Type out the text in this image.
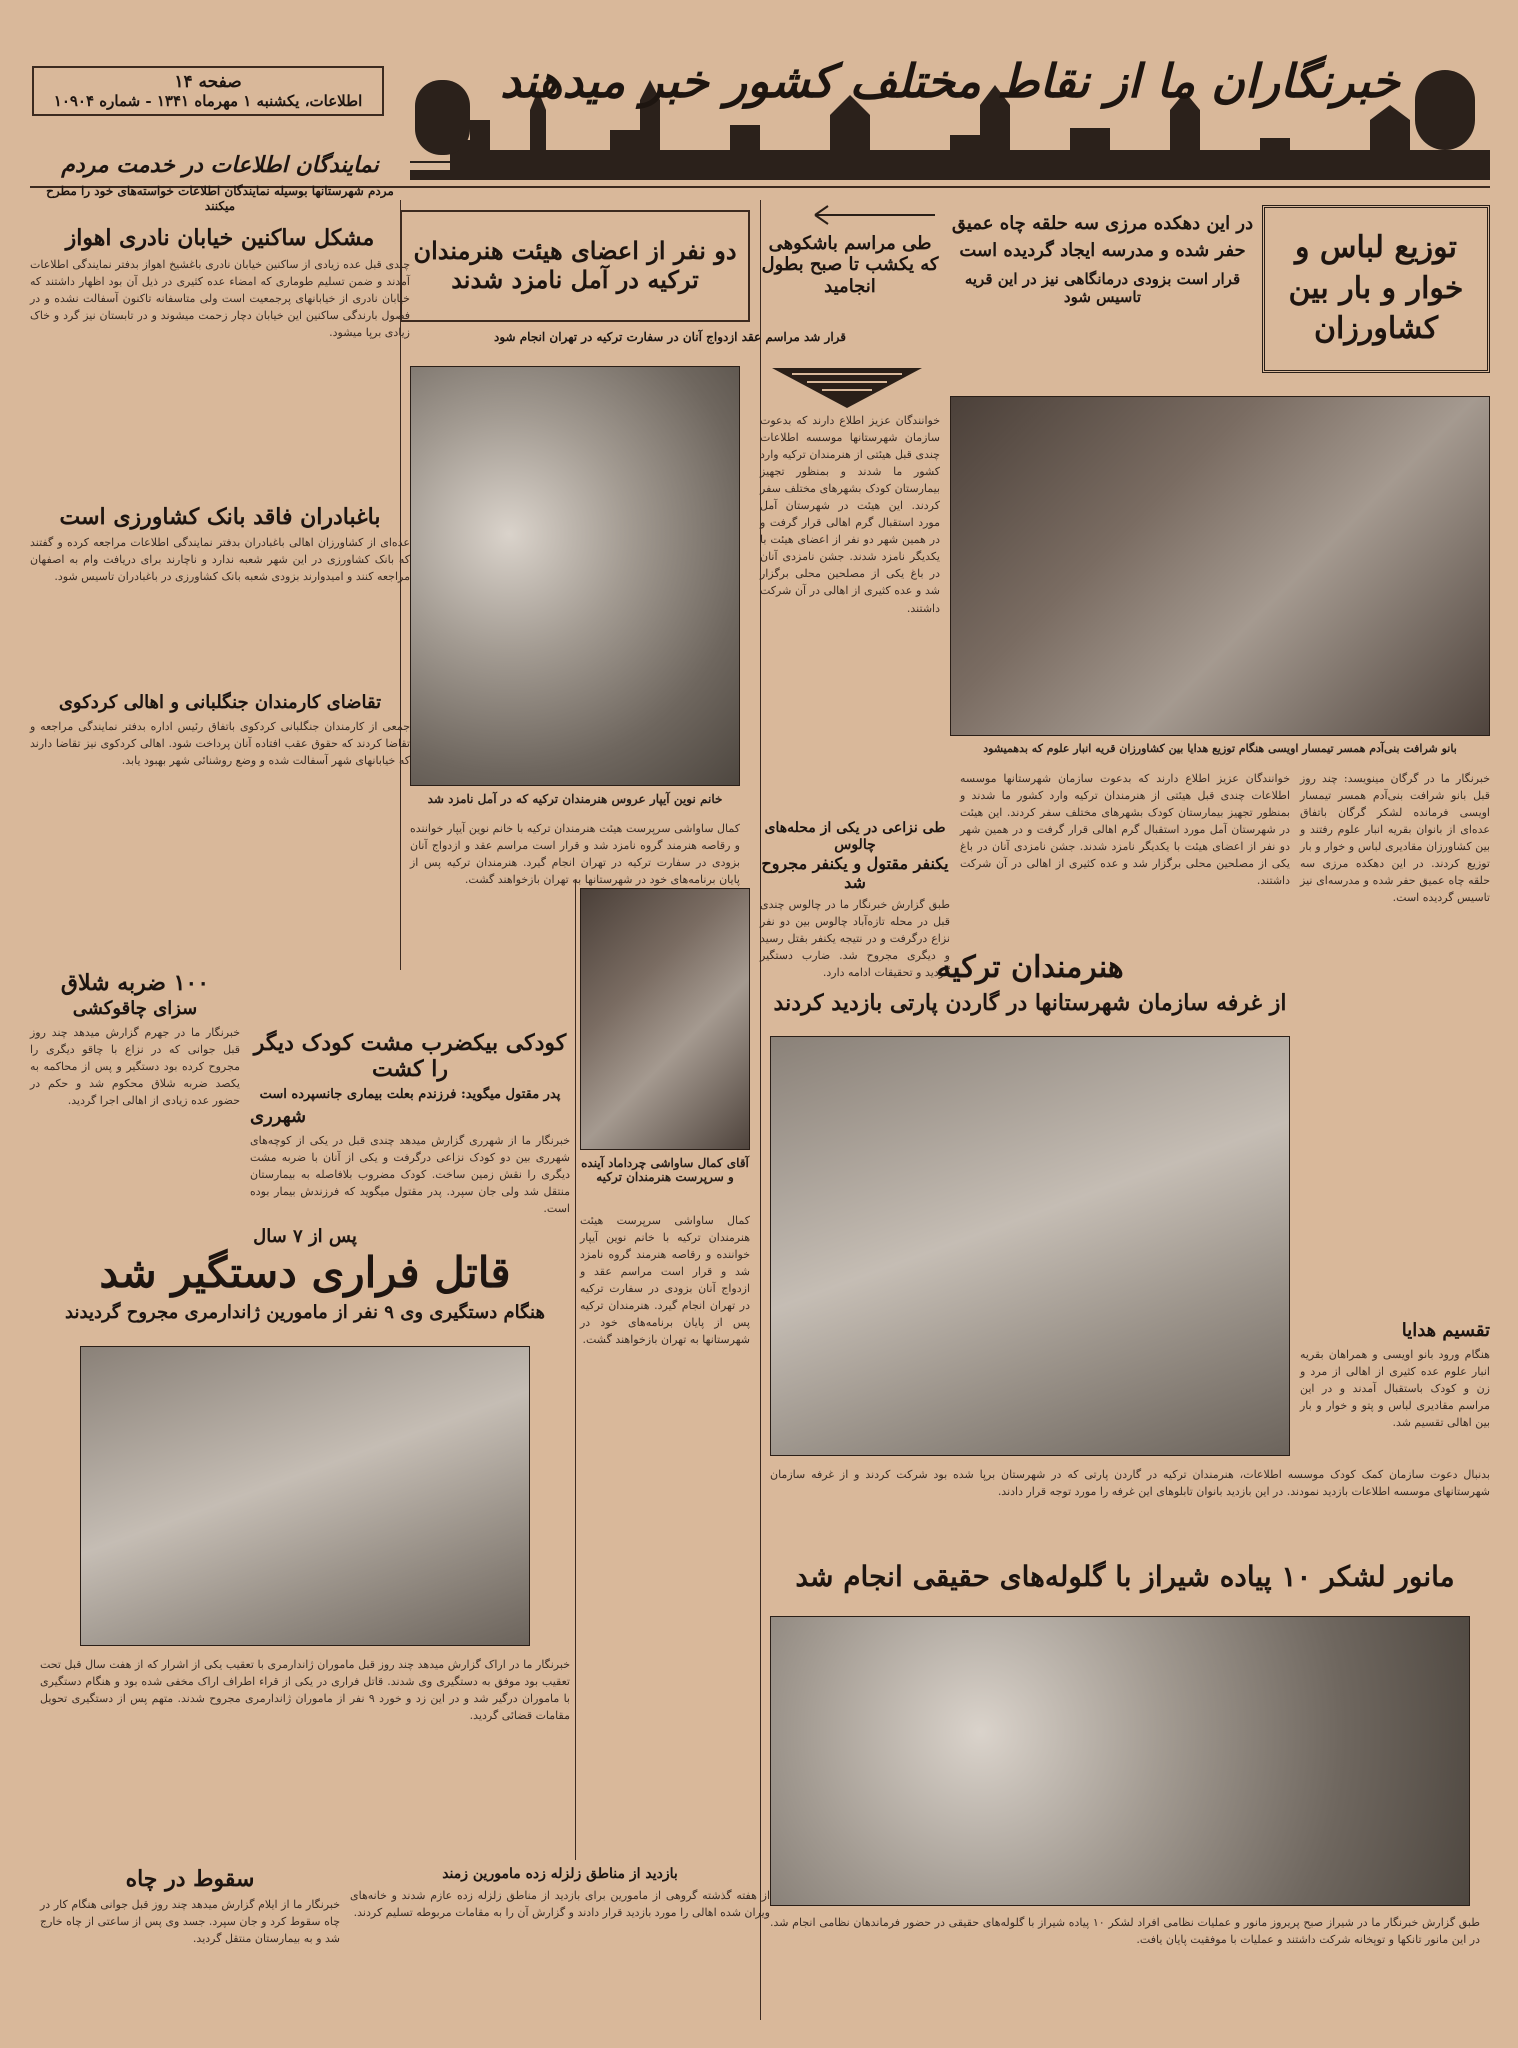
صفحه ۱۴
اطلاعات، یکشنبه ۱ مهرماه ۱۳۴۱ - شماره ۱۰۹۰۴	خبرنگاران ما از نقاط مختلف کشور خبر میدهند
نمایندگان اطلاعات در خدمت مردم
مردم شهرستانها بوسیله نمایندگان اطلاعات خواسته‌های خود را مطرح میکنند
مشکل ساکنین خیابان نادری اهواز
چندی قبل عده زیادی از ساکنین خیابان نادری باغشیخ اهواز بدفتر نمایندگی اطلاعات آمدند و ضمن تسلیم طوماری که امضاء عده کثیری در ذیل آن بود اظهار داشتند که خیابان نادری از خیابانهای پرجمعیت است ولی متاسفانه تاکنون آسفالت نشده و در فصول بارندگی ساکنین این خیابان دچار زحمت میشوند و در تابستان نیز گرد و خاک زیادی برپا میشود.
باغبادران فاقد بانک کشاورزی است
عده‌ای از کشاورزان اهالی باغبادران بدفتر نمایندگی اطلاعات مراجعه کرده و گفتند که بانک کشاورزی در این شهر شعبه ندارد و ناچارند برای دریافت وام به اصفهان مراجعه کنند و امیدوارند بزودی شعبه بانک کشاورزی در باغبادران تاسیس شود.
تقاضای کارمندان جنگلبانی و اهالی کردکوی
جمعی از کارمندان جنگلبانی کردکوی باتفاق رئیس اداره بدفتر نمایندگی مراجعه و تقاضا کردند که حقوق عقب افتاده آنان پرداخت شود. اهالی کردکوی نیز تقاضا دارند که خیابانهای شهر آسفالت شده و وضع روشنائی شهر بهبود یابد.
۱۰۰ ضربه شلاق
سزای چاقوکشی
خبرنگار ما در جهرم گزارش میدهد چند روز قبل جوانی که در نزاع با چاقو دیگری را مجروح کرده بود دستگیر و پس از محاکمه به یکصد ضربه شلاق محکوم شد و حکم در حضور عده زیادی از اهالی اجرا گردید.
کودکی بیکضرب مشت کودک دیگر را کشت
پدر مقتول میگوید: فرزندم بعلت بیماری جانسپرده است
شهرری
خبرنگار ما از شهرری گزارش میدهد چندی قبل در یکی از کوچه‌های شهرری بین دو کودک نزاعی درگرفت و یکی از آنان با ضربه مشت دیگری را نقش زمین ساخت. کودک مضروب بلافاصله به بیمارستان منتقل شد ولی جان سپرد. پدر مقتول میگوید که فرزندش بیمار بوده است.
پس از ۷ سال
قاتل فراری دستگیر شد
هنگام دستگیری وی ۹ نفر از مامورین ژاندارمری مجروح گردیدند
خبرنگار ما در اراک گزارش میدهد چند روز قبل ماموران ژاندارمری با تعقیب یکی از اشرار که از هفت سال قبل تحت تعقیب بود موفق به دستگیری وی شدند. قاتل فراری در یکی از قراء اطراف اراک مخفی شده بود و هنگام دستگیری با ماموران درگیر شد و در این زد و خورد ۹ نفر از ماموران ژاندارمری مجروح شدند. متهم پس از دستگیری تحویل مقامات قضائی گردید.
سقوط در چاه
خبرنگار ما از ایلام گزارش میدهد چند روز قبل جوانی هنگام کار در چاه سقوط کرد و جان سپرد. جسد وی پس از ساعتی از چاه خارج شد و به بیمارستان منتقل گردید.
بازدید از مناطق زلزله زده مامورین زمند
از هفته گذشته گروهی از مامورین برای بازدید از مناطق زلزله زده عازم شدند و خانه‌های ویران شده اهالی را مورد بازدید قرار دادند و گزارش آن را به مقامات مربوطه تسلیم کردند.
دو نفر از اعضای هیئت هنرمندان ترکیه در آمل نامزد شدند
طی مراسم باشکوهی که یکشب تا صبح بطول انجامید
قرار شد مراسم عقد ازدواج آنان در سفارت ترکیه در تهران انجام شود
خانم نوین آیپار عروس هنرمندان ترکیه که در آمل نامزد شد
خوانندگان عزیز اطلاع دارند که بدعوت سازمان شهرستانها موسسه اطلاعات چندی قبل هیئتی از هنرمندان ترکیه وارد کشور ما شدند و بمنظور تجهیز بیمارستان کودک بشهرهای مختلف سفر کردند. این هیئت در شهرستان آمل مورد استقبال گرم اهالی قرار گرفت و در همین شهر دو نفر از اعضای هیئت با یکدیگر نامزد شدند. جشن نامزدی آنان در باغ یکی از مصلحین محلی برگزار شد و عده کثیری از اهالی در آن شرکت داشتند.
کمال ساواشی سرپرست هیئت هنرمندان ترکیه با خانم نوین آیپار خواننده و رقاصه هنرمند گروه نامزد شد و قرار است مراسم عقد و ازدواج آنان بزودی در سفارت ترکیه در تهران انجام گیرد. هنرمندان ترکیه پس از پایان برنامه‌های خود در شهرستانها به تهران بازخواهند گشت.
طی نزاعی در یکی از محله‌های چالوس
یکنفر مقتول و یکنفر مجروح شد
طبق گزارش خبرنگار ما در چالوس چندی قبل در محله تازه‌آباد چالوس بین دو نفر نزاع درگرفت و در نتیجه یکنفر بقتل رسید و دیگری مجروح شد. ضارب دستگیر گردید و تحقیقات ادامه دارد.
آقای کمال ساواشی چرداماد آینده و سرپرست هنرمندان ترکیه
کمال ساواشی سرپرست هیئت هنرمندان ترکیه با خانم نوین آیپار خواننده و رقاصه هنرمند گروه نامزد شد و قرار است مراسم عقد و ازدواج آنان بزودی در سفارت ترکیه در تهران انجام گیرد. هنرمندان ترکیه پس از پایان برنامه‌های خود در شهرستانها به تهران بازخواهند گشت.
توزیع لباس و خوار و بار بین کشاورزان
در این دهکده مرزی سه حلقه چاه عمیق حفر شده و مدرسه ایجاد گردیده است
قرار است بزودی درمانگاهی نیز در این قریه تاسیس شود
بانو شرافت بنی‌آدم همسر تیمسار اویسی هنگام توزیع هدایا بین کشاورزان قریه انبار علوم که بدهمیشود
خبرنگار ما در گرگان مینویسد: چند روز قبل بانو شرافت بنی‌آدم همسر تیمسار اویسی فرمانده لشکر گرگان باتفاق عده‌ای از بانوان بقریه انبار علوم رفتند و بین کشاورزان مقادیری لباس و خوار و بار توزیع کردند. در این دهکده مرزی سه حلقه چاه عمیق حفر شده و مدرسه‌ای نیز تاسیس گردیده است.
تقسیم هدایا
هنگام ورود بانو اویسی و همراهان بقریه انبار علوم عده کثیری از اهالی از مرد و زن و کودک باستقبال آمدند و در این مراسم مقادیری لباس و پتو و خوار و بار بین اهالی تقسیم شد.
خوانندگان عزیز اطلاع دارند که بدعوت سازمان شهرستانها موسسه اطلاعات چندی قبل هیئتی از هنرمندان ترکیه وارد کشور ما شدند و بمنظور تجهیز بیمارستان کودک بشهرهای مختلف سفر کردند. این هیئت در شهرستان آمل مورد استقبال گرم اهالی قرار گرفت و در همین شهر دو نفر از اعضای هیئت با یکدیگر نامزد شدند. جشن نامزدی آنان در باغ یکی از مصلحین محلی برگزار شد و عده کثیری از اهالی در آن شرکت داشتند.
هنرمندان ترکیه
از غرفه سازمان شهرستانها در گاردن پارتی بازدید کردند
بدنبال دعوت سازمان کمک کودک موسسه اطلاعات، هنرمندان ترکیه در گاردن پارتی که در شهرستان برپا شده بود شرکت کردند و از غرفه سازمان شهرستانهای موسسه اطلاعات بازدید نمودند. در این بازدید بانوان تابلوهای این غرفه را مورد توجه قرار دادند.
مانور لشکر ۱۰ پیاده شیراز با گلوله‌های حقیقی انجام شد
طبق گزارش خبرنگار ما در شیراز صبح پریروز مانور و عملیات نظامی افراد لشکر ۱۰ پیاده شیراز با گلوله‌های حقیقی در حضور فرماندهان نظامی انجام شد. در این مانور تانکها و توپخانه شرکت داشتند و عملیات با موفقیت پایان یافت.
